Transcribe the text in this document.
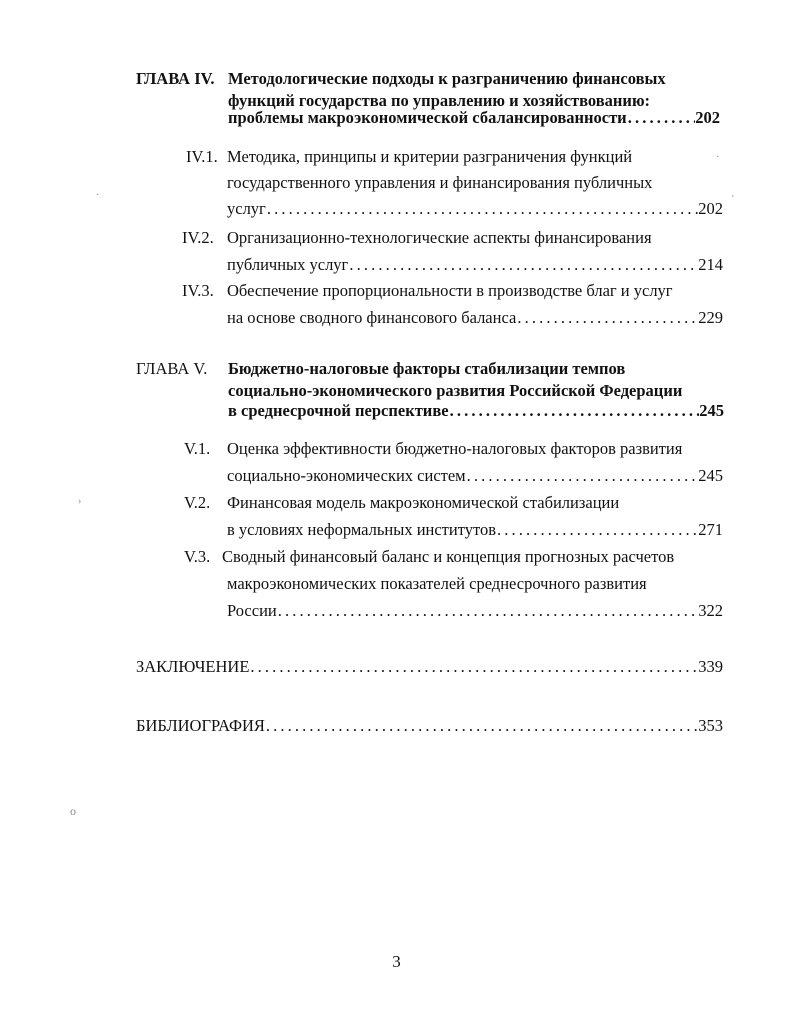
ГЛАВА IV. Методологические подходы к разграничению финансовых
функций государства по управлению и хозяйствованию:
проблемы макроэкономической сбалансированности . . .	202
IV.1. Методика, принципы и критерии разграничения функций
государственного управления и финансирования публичных
услуг . . .	202
IV.2. Организационно-технологические аспекты финансирования
публичных услуг . . .	214
IV.3. Обеспечение пропорциональности в производстве благ и услуг
на основе сводного финансового баланса . . .	229
ГЛАВА V. Бюджетно-налоговые факторы стабилизации темпов
социально-экономического развития Российской Федерации
в среднесрочной перспективе . . .	245
V.1. Оценка эффективности бюджетно-налоговых факторов развития
социально-экономических систем . . .	245
V.2. Финансовая модель макроэкономической стабилизации
в условиях неформальных институтов . . .	271
V.3. Сводный финансовый баланс и концепция прогнозных расчетов
макроэкономических показателей среднесрочного развития
России . . .	322
ЗАКЛЮЧЕНИЕ . . .	339
БИБЛИОГРАФИЯ . . .	353
3
·
›
o
·
'
